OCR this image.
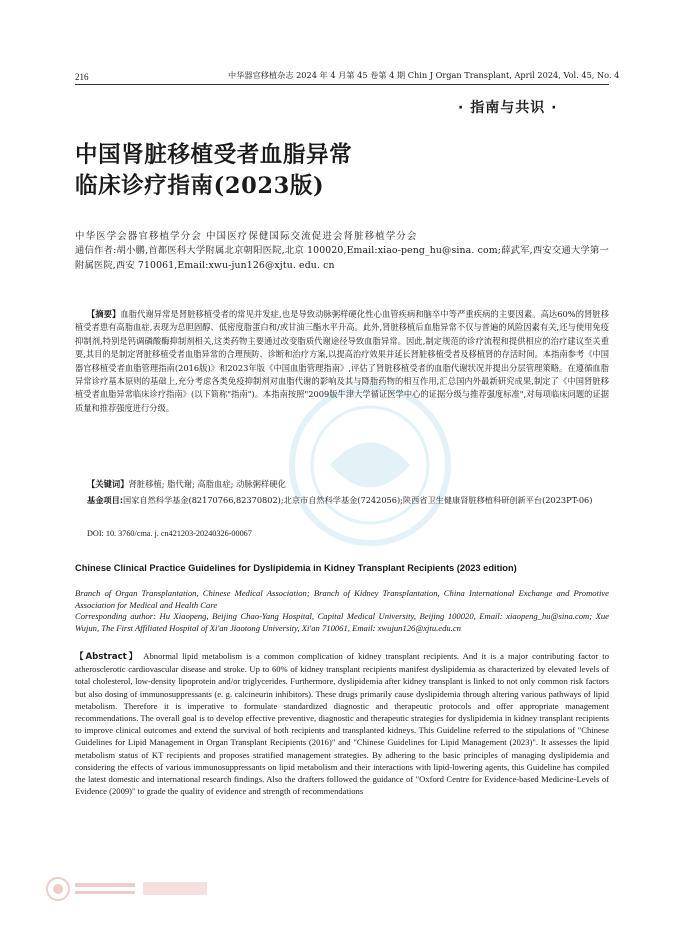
216	中华器官移植杂志 2024 年 4 月第 45 卷第 4 期 Chin J Organ Transplant, April 2024, Vol. 45, No. 4
· 指南与共识 ·
中国肾脏移植受者血脂异常
临床诊疗指南(2023版)
中华医学会器官移植学分会 中国医疗保健国际交流促进会肾脏移植学分会
通信作者:胡小鹏,首都医科大学附属北京朝阳医院,北京 100020,Email:xiao-peng_hu@sina. com;薛武军,西安交通大学第一附属医院,西安 710061,Email:xwu-jun126@xjtu. edu. cn

【摘要】血脂代谢异常是肾脏移植受者的常见并发症,也是导致动脉粥样硬化性心血管疾病和脑卒中等严重疾病的主要因素。高达60%的肾脏移植受者患有高脂血症,表现为总胆固醇、低密度脂蛋白和/或甘油三酯水平升高。此外,肾脏移植后血脂异常不仅与普遍的风险因素有关,还与使用免疫抑制剂,特别是钙调磷酸酶抑制剂相关,这类药物主要通过改变脂质代谢途径导致血脂异常。因此,制定规范的诊疗流程和提供相应的治疗建议至关重要,其目的是制定肾脏移植受者血脂异常的合理预防、诊断和治疗方案,以提高治疗效果并延长肾脏移植受者及移植肾的存活时间。本指南参考《中国器官移植受者血脂管理指南(2016版)》和2023年版《中国血脂管理指南》,评估了肾脏移植受者的血脂代谢状况并提出分层管理策略。在遵循血脂异常诊疗基本原则的基础上,充分考虑各类免疫抑制剂对血脂代谢的影响及其与降脂药物的相互作用,汇总国内外最新研究成果,制定了《中国肾脏移植受者血脂异常临床诊疗指南》(以下简称"指南")。本指南按照"2009版牛津大学循证医学中心的证据分级与推荐强度标准",对每项临床问题的证据质量和推荐强度进行分级。

【关键词】肾脏移植; 脂代谢; 高脂血症; 动脉粥样硬化
基金项目:国家自然科学基金(82170766,82370802);北京市自然科学基金(7242056);陕西省卫生健康肾脏移植科研创新平台(2023PT-06)
DOI: 10. 3760/cma. j. cn421203-20240326-00067
Chinese Clinical Practice Guidelines for Dyslipidemia in Kidney Transplant Recipients (2023 edition)

Branch of Organ Transplantation, Chinese Medical Association; Branch of Kidney Transplantation, China International Exchange and Promotive Association for Medical and Health Care

Corresponding author: Hu Xiaopeng, Beijing Chao-Yang Hospital, Capital Medical University, Beijing 100020, Email: xiaopeng_hu@sina.com; Xue Wujun, The First Affiliated Hospital of Xi'an Jiaotong University, Xi'an 710061, Email: xwujun126@xjtu.edu.cn

【Abstract】 Abnormal lipid metabolism is a common complication of kidney transplant recipients. And it is a major contributing factor to atherosclerotic cardiovascular disease and stroke. Up to 60% of kidney transplant recipients manifest dyslipidemia as characterized by elevated levels of total cholesterol, low-density lipoprotein and/or triglycerides. Furthermore, dyslipidemia after kidney transplant is linked to not only common risk factors but also dosing of immunosuppressants (e. g. calcineurin inhibitors). These drugs primarily cause dyslipidemia through altering various pathways of lipid metabolism. Therefore it is imperative to formulate standardized diagnostic and therapeutic protocols and offer appropriate management recommendations. The overall goal is to develop effective preventive, diagnostic and therapeutic strategies for dyslipidemia in kidney transplant recipients to improve clinical outcomes and extend the survival of both recipients and transplanted kidneys. This Guideline referred to the stipulations of "Chinese Guidelines for Lipid Management in Organ Transplant Recipients (2016)" and "Chinese Guidelines for Lipid Management (2023)". It assesses the lipid metabolism status of KT recipients and proposes stratified management strategies. By adhering to the basic principles of managing dyslipidemia and considering the effects of various immunosuppressants on lipid metabolism and their interactions with lipid-lowering agents, this Guideline has compiled the latest domestic and international research findings. Also the drafters followed the guidance of "Oxford Centre for Evidence-based Medicine-Levels of Evidence (2009)" to grade the quality of evidence and strength of recommendations
